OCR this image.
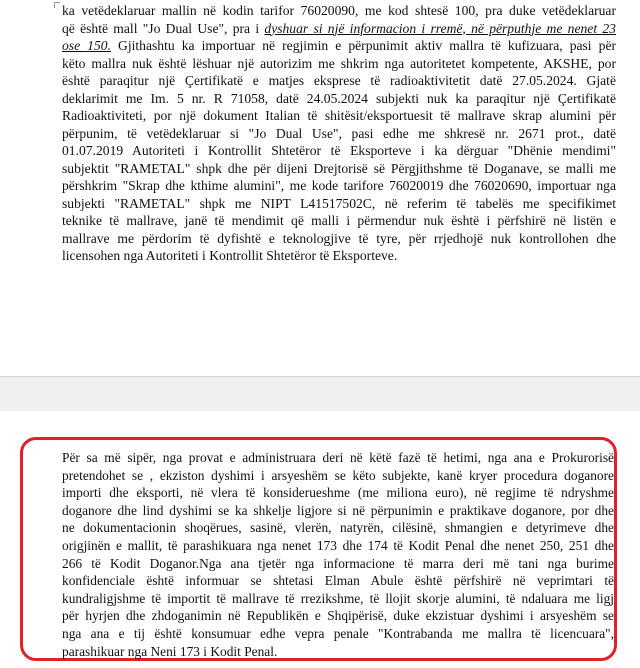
ka vetëdeklaruar mallin në kodin tarifor 76020090, me kod shtesë 100, pra duke vetëdeklaruar
qё është mall "Jo Dual Use", pra i dyshuar si një informacion i rremë, në përputhje me nenet 23
ose 150. Gjithashtu ka importuar në regjimin e përpunimit aktiv mallra të kufizuara, pasi për
këto mallra nuk është lëshuar një autorizim me shkrim nga autoritetet kompetente, AKSHE, por
është paraqitur një Çertifikatë e matjes eksprese të radioaktivitetit datë 27.05.2024. Gjatë
deklarimit me Im. 5 nr. R 71058, datë 24.05.2024 subjekti nuk ka paraqitur një Çertifikatë
Radioaktiviteti, por një dokument Italian të shitësit/eksportuesit të mallrave skrap alumini për
përpunim, të vetëdeklaruar si "Jo Dual Use", pasi edhe me shkresë nr. 2671 prot., datë
01.07.2019 Autoriteti i Kontrollit Shtetëror të Eksporteve i ka dërguar "Dhënie mendimi"
subjektit "RAMETAL" shpk dhe për dijeni Drejtorisë së Përgjithshme të Doganave, se malli me
përshkrim "Skrap dhe kthime alumini", me kode tarifore 76020019 dhe 76020690, importuar nga
subjekti "RAMETAL" shpk me NIPT L41517502C, në referim të tabelës me specifikimet
teknike të mallrave, janë të mendimit që malli i përmendur nuk është i përfshirë në listën e
mallrave me përdorim të dyfishtë e teknologjive të tyre, për rrjedhojë nuk kontrollohen dhe
licensohen nga Autoriteti i Kontrollit Shtetëror të Eksporteve.
Për sa më sipër, nga provat e administruara deri në këtë fazë të hetimi, nga ana e Prokurorisë
pretendohet se , ekziston dyshimi i arsyeshëm se këto subjekte, kanë kryer procedura doganore
importi dhe eksporti, në vlera të konsiderueshme (me miliona euro), në regjime të ndryshme
doganore dhe lind dyshimi se ka shkelje ligjore si në përpunimin e praktikave doganore, por dhe
ne dokumentacionin shoqërues, sasinë, vlerën, natyrën, cilësinë, shmangien e detyrimeve dhe
origjinën e mallit, të parashikuara nga nenet 173 dhe 174 të Kodit Penal dhe nenet 250, 251 dhe
266 të Kodit Doganor.Nga ana tjetër nga informacione të marra deri më tani nga burime
konfidenciale është informuar se shtetasi Elman Abule është përfshirë në veprimtari të
kundraligjshme të importit të mallrave të rrezikshme, të llojit skorje alumini, të ndaluara me ligj
për hyrjen dhe zhdoganimin në Republikën e Shqipërisë, duke ekzistuar dyshimi i arsyeshëm se
nga ana e tij është konsumuar edhe vepra penale "Kontrabanda me mallra të licencuara",
parashikuar nga Neni 173 i Kodit Penal.
